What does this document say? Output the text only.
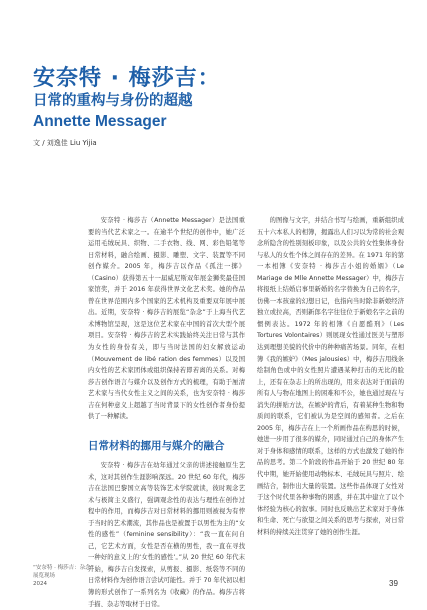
安奈特 · 梅莎吉：
日常的重构与身份的超越
Annette Messager
文 / 刘逸佳 Liu Yijia

安奈特 · 梅莎吉（Annette Messager）是法国重要的当代艺术家之一。在逾半个世纪的创作中，她广泛运用毛绒玩具、织物、二手衣物、线、网、彩色铅笔等日常材料，融合绘画、摄影、雕塑、文字、装置等不同创作媒介。2005 年，梅莎吉以作品《孤注一掷》（Casino）获得第五十一届威尼斯双年展金狮奖最佳国家馆奖，并于 2016 年获得世界文化艺术奖。她的作品曾在世界范围内多个国家的艺术机构及重要双年展中展出。近期，安奈特 · 梅莎吉的展览“杂念”于上海当代艺术博物馆呈现，这是这位艺术家在中国的首次大型个展项目。安奈特 · 梅莎吉的艺术实践始终关注日常与其作为女性的身份有关，即与当时法国的妇女解放运动（Mouvement de libé ration des femmes）以及国内女性的艺术家团体或组织保持若即若离的关系。对梅莎吉创作语言与媒介以及创作方式的梳理，有助于厘清艺术家与当代女性主义之间的关系，也为安奈特 · 梅莎吉在何种意义上超越了当时背景下的女性创作者身份提供了一种解读。

日常材料的挪用与媒介的融合

安奈特 · 梅莎吉在幼年通过父亲的讲述接触原生艺术，这对其创作生涯影响深远。20 世纪 60 年代，梅莎吉在法国巴黎国立高等装饰艺术学院就读，彼时观念艺术与极简主义盛行，强调观念性的表达与理性在创作过程中的作用，而梅莎吉对日常材料的挪用则被视为有悖于当时的艺术潮流，其作品也是被置于以男性为主的“女性的感性”（feminine sensibility）：“我一直在问自己，它艺术方面，女性是否在横的男性，我一直在寻找一种好的意义上的‘女性的感性’。”从 20 世纪 60 年代末开始，梅莎吉自发探索，从剪报、摄影、纸袋等不同的日常材料作为创作语言尝试可能性。并于 70 年代初以相簿的形式创作了一系列名为《收藏》的作品。梅莎吉将手描、杂志等取材于日常。

的图像与文字，并结合书写与绘画，重新组织成五十六本私人的相簿，揭露出人们习以为常的社会观念所隐含的性别刻板印象，以及公共的女性集体身份与私人的女性个体之间存在的差异。在 1971 年的第一本相簿《安奈特 · 梅莎吉小姐的婚姻》（Le Mariage de Mlle Annette Messager）中，梅莎吉将报纸上结婚启事里新婚的名字替换为自己的名字，仿佛一本孩童的幻想日记，也指向当时除非新娘经济独立或拉高，否则新郎名字往往位于新娘名字之前的惯例表达。1972 年的相簿《自愿酷刑》（Les Tortures Volontaires）则展现女性通过医美与塑形达到理想美貌的代价中的种种痛苦场景。同年，在相簿《我的嫉妒》（Mes jalousies）中，梅莎吉用线条绘制角色或中的女性照片遭遇某种打击的无比的脸上，还有在杂志上的所出现的，用来表达对于面前的所有人与物在地图上的困难和不公，她也通过现在与消失的拼贴方法，在嫉妒的背后，有着某种生物和物质间的联系，它们被认为是空间的感知者。之后在 2005 年，梅莎吉在上一个所画作品在构思的时候，她进一步用了很多的媒介，同时通过自己的身体产生对于身体和感情的联系，这样的方式也激发了她的作品的思考。第二个阶段的作品开始于 20 世纪 80 年代中期，她开始使用动物标本、毛绒玩具与照片、绘画结合，制作出大量的装置。这些作品体现了女性对于这个时代里各种事物的困惑，并在其中建立了以个体经验为核心的叙事。同时也反映出艺术家对于身体和生命、死亡与欲望之间关系的思考与探索，对日常材料的持续关注贯穿了她的创作生涯。

“安奈特 · 梅莎吉：杂念”
展览现场
2024	39
